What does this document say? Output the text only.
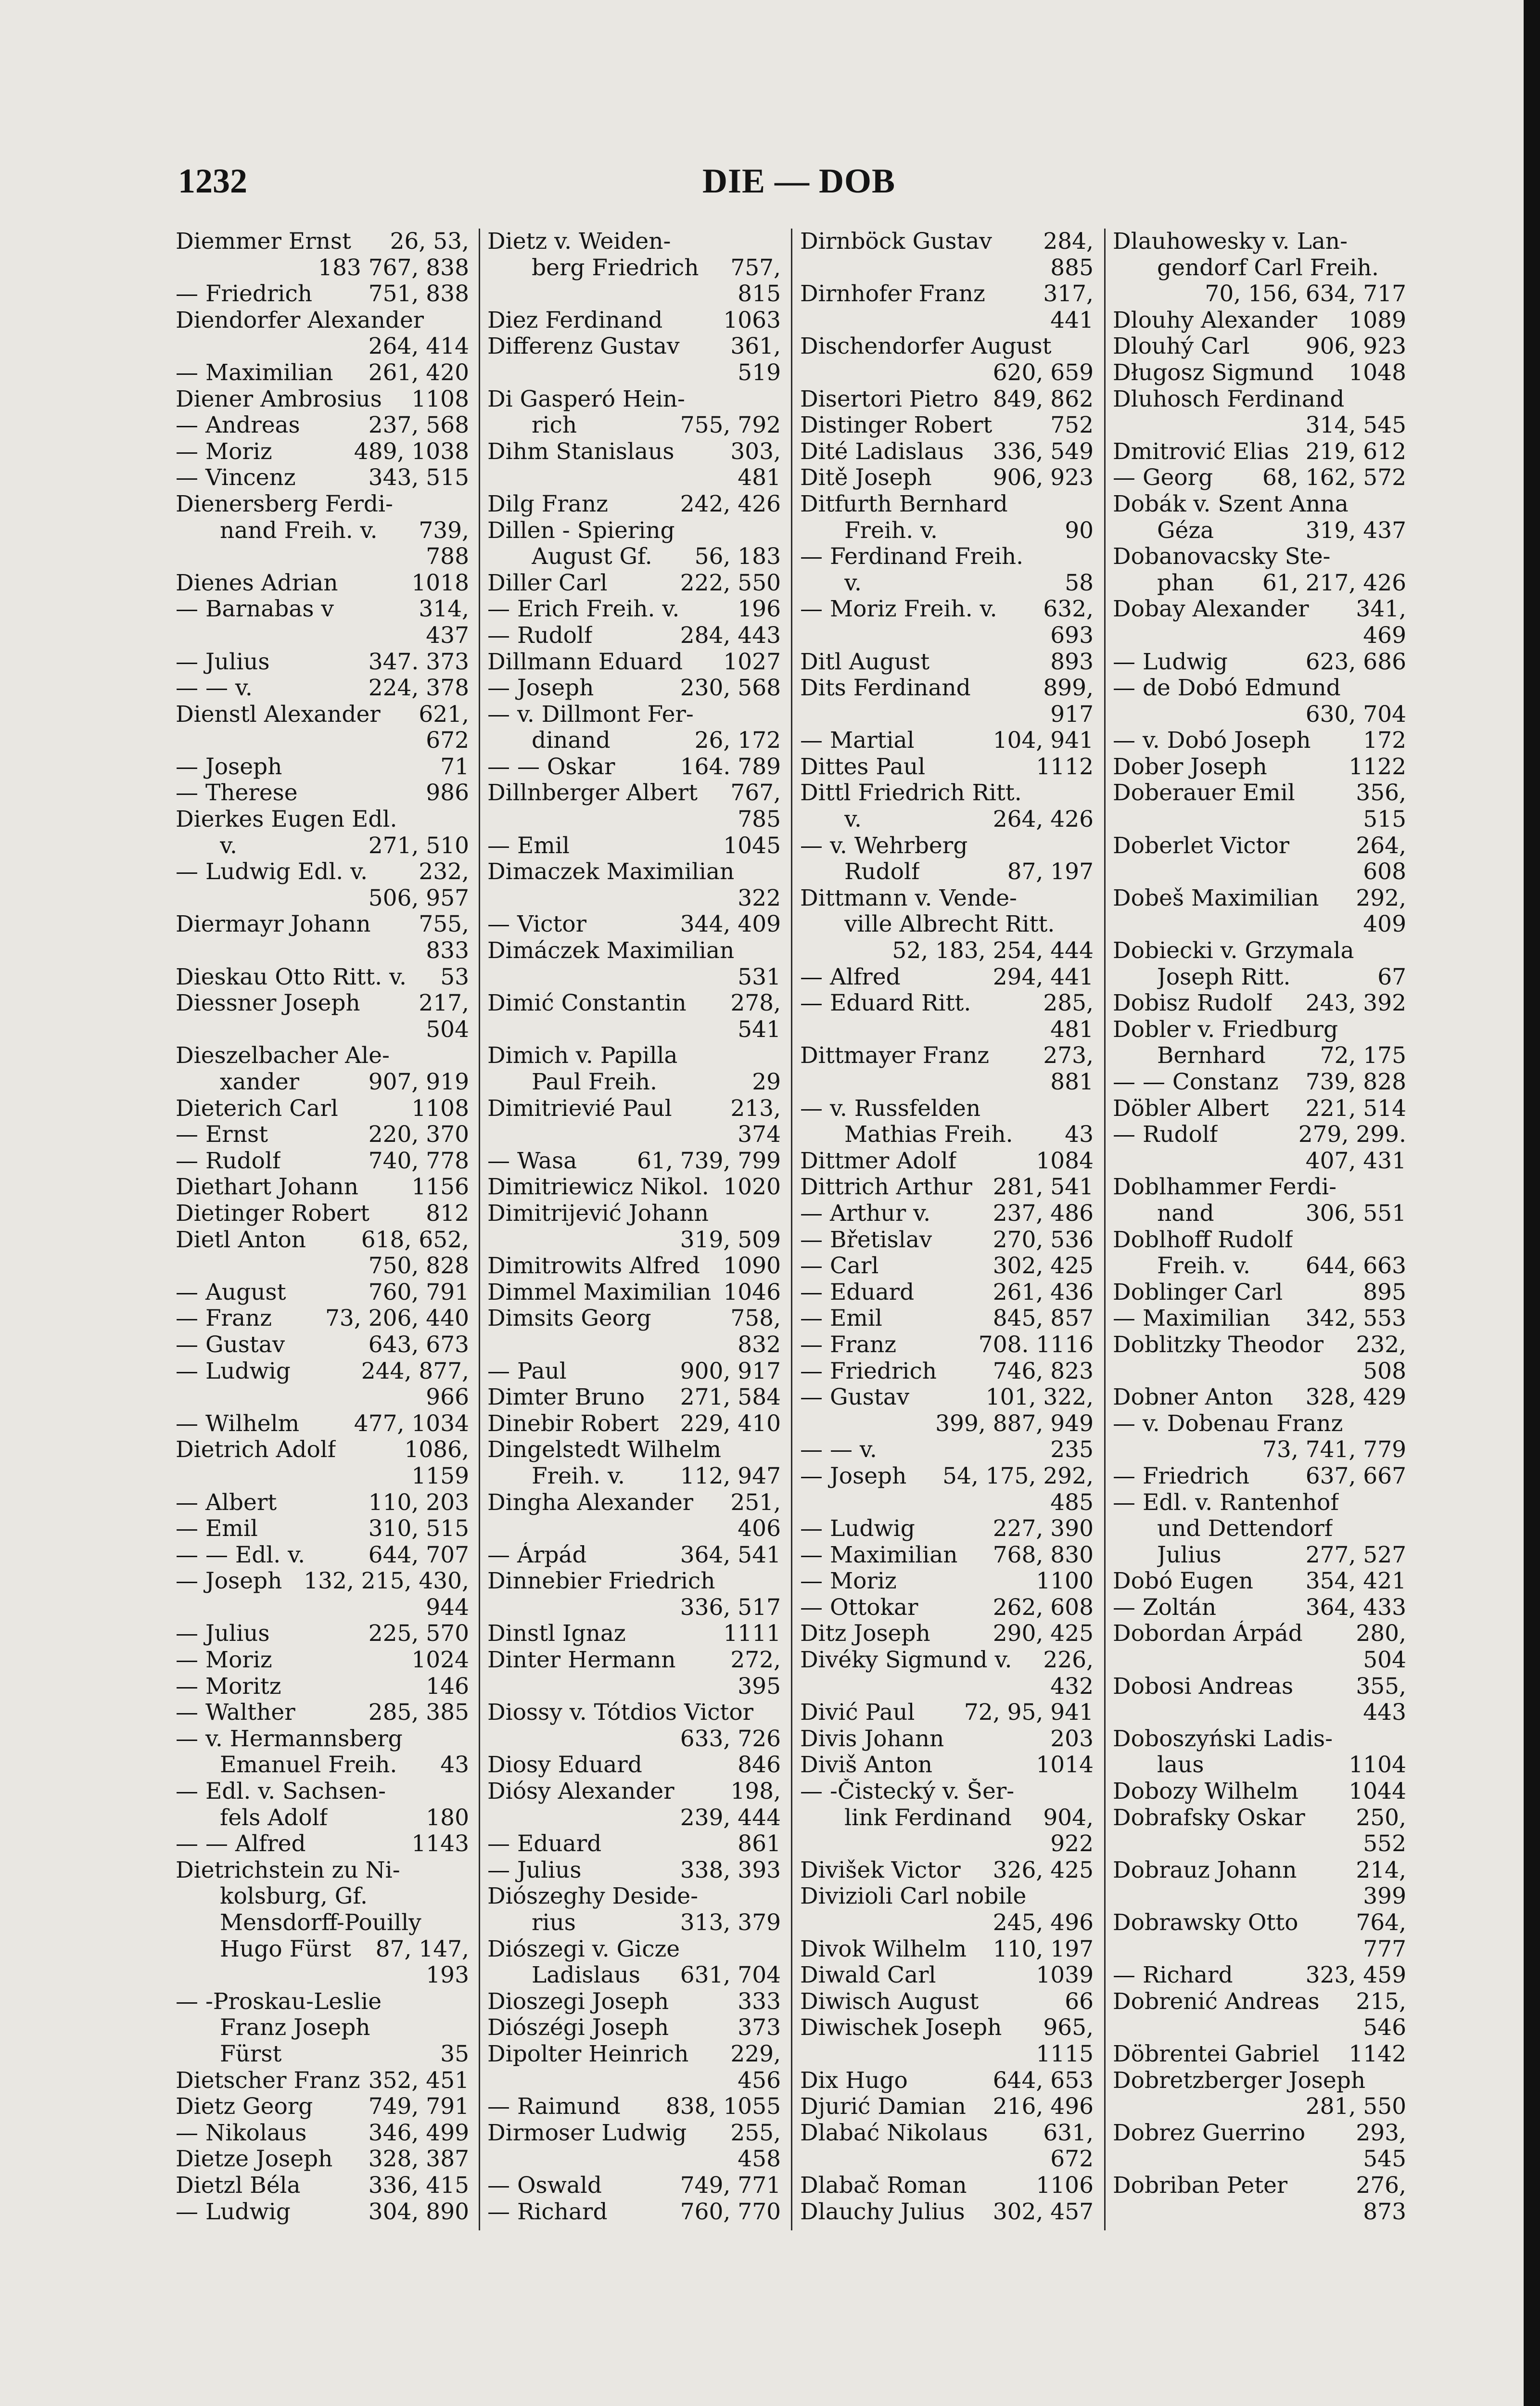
1232	DIE — DOB
Diemmer Ernst 26, 53,
183 767, 838
— Friedrich 751, 838
Diendorfer Alexander
264, 414
— Maximilian 261, 420
Diener Ambrosius 1108
— Andreas	237, 568
— Moriz	489, 1038
— Vincenz	343, 515
Dienersberg Ferdi-
nand Freih. v. 739,
788
Dienes Adrian	1018
— Barnabas v	314,
437
— Julius	347. 373
— — v.	224, 378
Dienstl Alexander 621,
672
— Joseph	71
— Therese	986
Dierkes Eugen Edl.
v.	271, 510
— Ludwig Edl. v. 232,
506, 957
Diermayr Johann 755,
833
Dieskau Otto Ritt. v. 53
Diessner Joseph	217,
504
Dieszelbacher Ale-
xander	907, 919
Dieterich Carl	1108
— Ernst	220, 370
— Rudolf	740, 778
Diethart Johann 1156
Dietinger Robert 812
Dietl Anton 618, 652,
750, 828
— August	760, 791
— Franz 73, 206, 440
— Gustav	643, 673
— Ludwig	244, 877,
966
— Wilhelm 477, 1034
Dietrich Adolf	1086,
1159
— Albert	110, 203
— Emil	310, 515
— — Edl. v.	644, 707
— Joseph 132, 215, 430,
944
— Julius	225, 570
— Moriz	1024
— Moritz	146
— Walther	285, 385
— v. Hermannsberg
Emanuel Freih. 43
— Edl. v. Sachsen-
fels Adolf	180
— — Alfred	1143
Dietrichstein zu Ni-
kolsburg, Gf.
Mensdorff-Pouilly
Hugo Fürst 87, 147,
193
— -Proskau-Leslie
Franz Joseph
Fürst	35
Dietscher Franz 352, 451
Dietz Georg 749, 791
— Nikolaus	346, 499
Dietze Joseph 328, 387
Dietzl Béla	336, 415
— Ludwig	304, 890
Dietz v. Weiden-
berg Friedrich 757,
815
Diez Ferdinand	1063
Differenz Gustav 361,
519
Di Gasperó Hein-
rich	755, 792
Dihm Stanislaus 303,
481
Dilg Franz	242, 426
Dillen - Spiering
August Gf. 56, 183
Diller Carl	222, 550
— Erich Freih. v.	196
— Rudolf	284, 443
Dillmann Eduard 1027
— Joseph	230, 568
— v. Dillmont Fer-
dinand	26, 172
— — Oskar	164. 789
Dillnberger Albert 767,
785
— Emil	1045
Dimaczek Maximilian
322
— Victor	344, 409
Dimáczek Maximilian
531
Dimić Constantin 278,
541
Dimich v. Papilla
Paul Freih.	29
Dimitrievié Paul	213,
374
— Wasa	61, 739, 799
Dimitriewicz Nikol. 1020
Dimitrijević Johann
319, 509
Dimitrowits Alfred 1090
Dimmel Maximilian 1046
Dimsits Georg	758,
832
— Paul	900, 917
Dimter Bruno 271, 584
Dinebir Robert 229, 410
Dingelstedt Wilhelm
Freih. v. 112, 947
Dingha Alexander 251,
406
— Árpád	364, 541
Dinnebier Friedrich
336, 517
Dinstl Ignaz	1111
Dinter Hermann 272,
395
Diossy v. Tótdios Victor
633, 726
Diosy Eduard	846
Diósy Alexander 198,
239, 444
— Eduard	861
— Julius	338, 393
Diószeghy Deside-
rius	313, 379
Diószegi v. Gicze
Ladislaus 631, 704
Dioszegi Joseph	333
Diószégi Joseph	373
Dipolter Heinrich 229,
456
— Raimund 838, 1055
Dirmoser Ludwig 255,
458
— Oswald	749, 771
— Richard	760, 770
Dirnböck Gustav 284,
885
Dirnhofer Franz	317,
441
Dischendorfer August
620, 659
Disertori Pietro 849, 862
Distinger Robert	752
Dité Ladislaus 336, 549
Ditě Joseph	906, 923
Ditfurth Bernhard
Freih. v.	90
— Ferdinand Freih.
v.	58
— Moriz Freih. v. 632,
693
Ditl August	893
Dits Ferdinand	899,
917
— Martial	104, 941
Dittes Paul	1112
Dittl Friedrich Ritt.
v.	264, 426
— v. Wehrberg
Rudolf	87, 197
Dittmann v. Vende-
ville Albrecht Ritt.
52, 183, 254, 444
— Alfred	294, 441
— Eduard Ritt.	285,
481
Dittmayer Franz 273,
881
— v. Russfelden
Mathias Freih. 43
Dittmer Adolf	1084
Dittrich Arthur 281, 541
— Arthur v.	237, 486
— Břetislav	270, 536
— Carl	302, 425
— Eduard	261, 436
— Emil	845, 857
— Franz	708. 1116
— Friedrich 746, 823
— Gustav	101, 322,
399, 887, 949
— — v.	235
— Joseph 54, 175, 292,
485
— Ludwig	227, 390
— Maximilian 768, 830
— Moriz	1100
— Ottokar	262, 608
Ditz Joseph	290, 425
Divéky Sigmund v. 226,
432
Divić Paul 72, 95, 941
Divis Johann	203
Diviš Anton	1014
— -Čistecký v. Šer-
link Ferdinand 904,
922
Divišek Victor 326, 425
Divizioli Carl nobile
245, 496
Divok Wilhelm 110, 197
Diwald Carl	1039
Diwisch August	66
Diwischek Joseph 965,
1115
Dix Hugo	644, 653
Djurić Damian 216, 496
Dlabać Nikolaus 631,
672
Dlabač Roman	1106
Dlauchy Julius 302, 457
Dlauhowesky v. Lan-
gendorf Carl Freih.
70, 156, 634, 717
Dlouhy Alexander 1089
Dlouhý Carl 906, 923
Długosz Sigmund 1048
Dluhosch Ferdinand
314, 545
Dmitrović Elias 219, 612
— Georg 68, 162, 572
Dobák v. Szent Anna
Géza	319, 437
Dobanovacsky Ste-
phan 61, 217, 426
Dobay Alexander 341,
469
— Ludwig	623, 686
— de Dobó Edmund
630, 704
— v. Dobó Joseph 172
Dober Joseph	1122
Doberauer Emil	356,
515
Doberlet Victor	264,
608
Dobeš Maximilian 292,
409
Dobiecki v. Grzymala
Joseph Ritt.	67
Dobisz Rudolf 243, 392
Dobler v. Friedburg
Bernhard 72, 175
— — Constanz 739, 828
Döbler Albert 221, 514
— Rudolf	279, 299.
407, 431
Doblhammer Ferdi-
nand	306, 551
Doblhoff Rudolf
Freih. v. 644, 663
Doblinger Carl	895
— Maximilian 342, 553
Doblitzky Theodor 232,
508
Dobner Anton 328, 429
— v. Dobenau Franz
73, 741, 779
— Friedrich 637, 667
— Edl. v. Rantenhof
und Dettendorf
Julius	277, 527
Dobó Eugen 354, 421
— Zoltán	364, 433
Dobordan Árpád 280,
504
Dobosi Andreas	355,
443
Doboszyński Ladis-
laus	1104
Dobozy Wilhelm 1044
Dobrafsky Oskar 250,
552
Dobrauz Johann	214,
399
Dobrawsky Otto	764,
777
— Richard	323, 459
Dobrenić Andreas 215,
546
Döbrentei Gabriel 1142
Dobretzberger Joseph
281, 550
Dobrez Guerrino 293,
545
Dobriban Peter	276,
873
